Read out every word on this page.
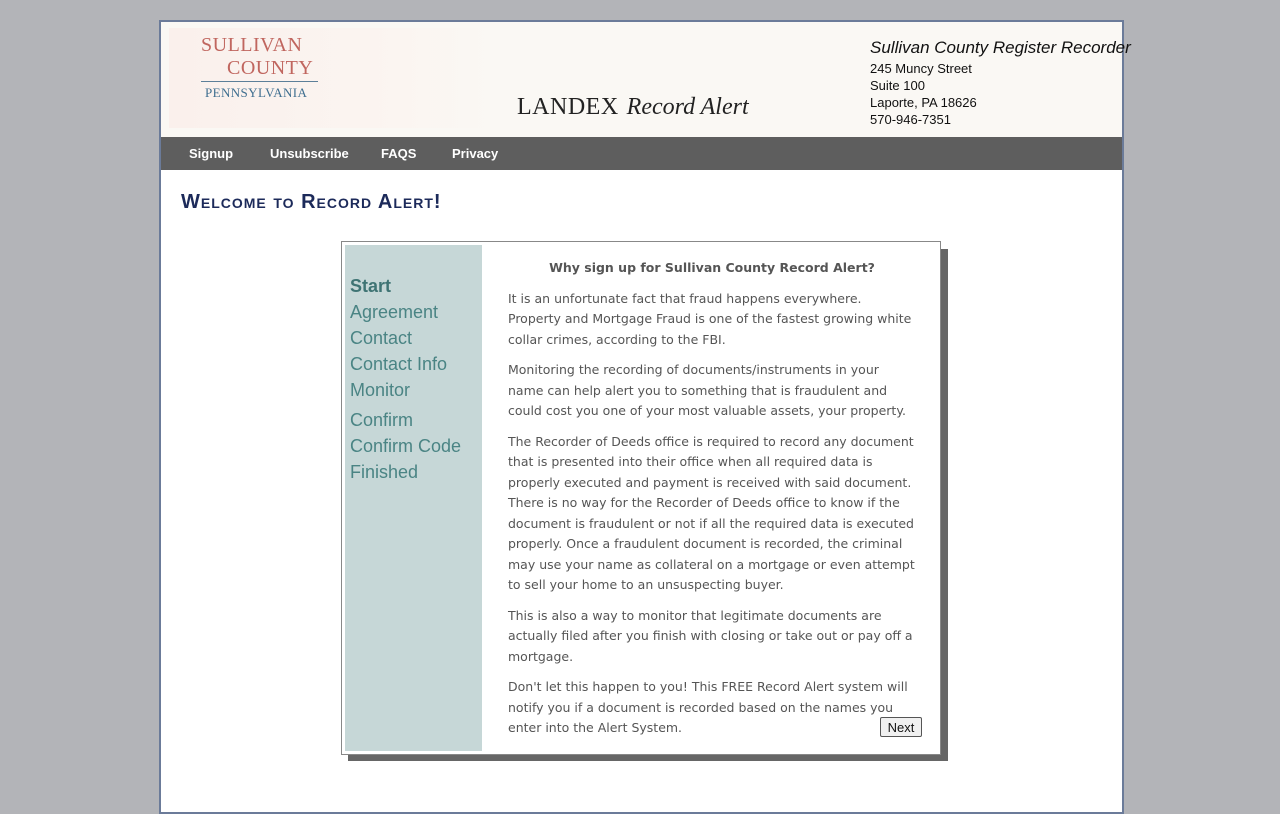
SULLIVAN
COUNTY
PENNSYLVANIA
LANDEX Record Alert
Sullivan County Register Recorder
245 Muncy Street
Suite 100
Laporte, PA 18626
570-946-7351
Signup	Unsubscribe FAQS	Privacy
Welcome to Record Alert!
Start
Agreement
Contact
Contact Info
Monitor
Confirm
Confirm Code
Finished
Why sign up for Sullivan County Record Alert?

It is an unfortunate fact that fraud happens everywhere. Property and Mortgage Fraud is one of the fastest growing white collar crimes, according to the FBI.

Monitoring the recording of documents/instruments in your name can help alert you to something that is fraudulent and could cost you one of your most valuable assets, your property.

The Recorder of Deeds office is required to record any document that is presented into their office when all required data is properly executed and payment is received with said document. There is no way for the Recorder of Deeds office to know if the document is fraudulent or not if all the required data is executed properly. Once a fraudulent document is recorded, the criminal may use your name as collateral on a mortgage or even attempt to sell your home to an unsuspecting buyer.

This is also a way to monitor that legitimate documents are actually filed after you finish with closing or take out or pay off a mortgage.

Don't let this happen to you! This FREE Record Alert system will notify you if a document is recorded based on the names you enter into the Alert System.	Next
